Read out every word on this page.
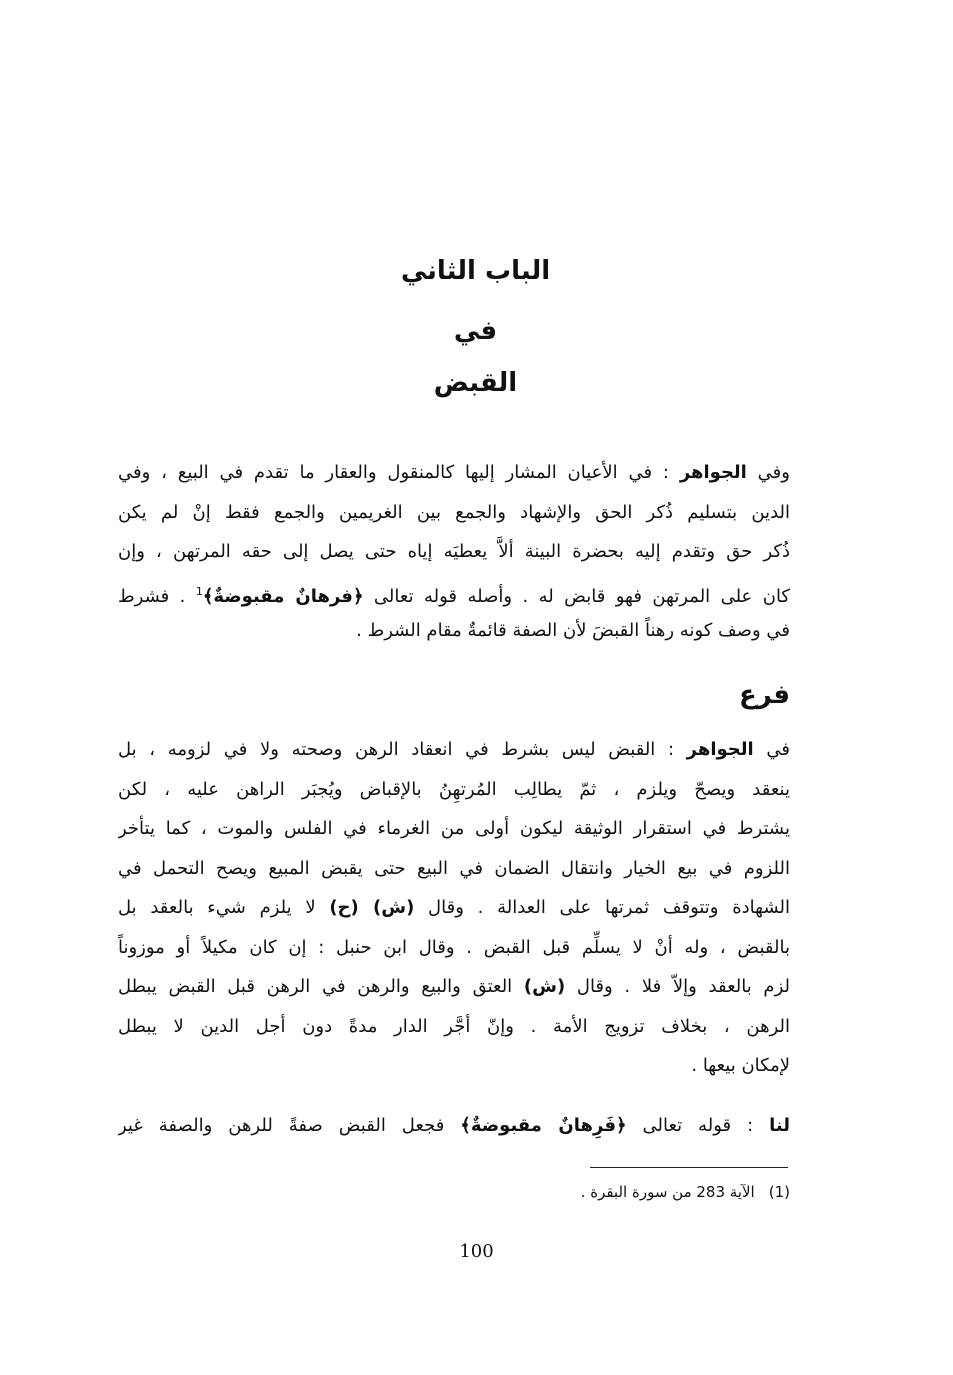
الباب الثاني
في
القبض
وفي الجواهر : في الأعيان المشار إليها كالمنقول والعقار ما تقدم في البيع ، وفي
الدين بتسليم ذُكر الحق والإشهاد والجمع بين الغريمين والجمع فقط إنْ لم يكن
ذُكر حق وتقدم إليه بحضرة البينة ألاَّ يعطيَه إياه حتى يصل إلى حقه المرتهن ، وإن
كان على المرتهن فهو قابض له . وأصله قوله تعالى ﴿فرهانٌ مقبوضةٌ﴾$^1$ . فشرط
في وصف كونه رهناً القبضَ لأن الصفة قائمةٌ مقام الشرط .
فرع
في الجواهر : القبض ليس بشرط في انعقاد الرهن وصحته ولا في لزومه ، بل
ينعقد ويصحّ ويلزم ، ثمّ يطالِب المُرتهِنُ بالإقباض ويُجبَر الراهن عليه ، لكن
يشترط في استقرار الوثيقة ليكون أولى من الغرماء في الفلس والموت ، كما يتأخر
اللزوم في بيع الخيار وانتقال الضمان في البيع حتى يقبض المبيع ويصح التحمل في
الشهادة وتتوقف ثمرتها على العدالة . وقال (ش) (ح) لا يلزم شيء بالعقد بل
بالقبض ، وله أنْ لا يسلِّم قبل القبض . وقال ابن حنبل : إن كان مكيلاً أو موزوناً
لزم بالعقد وإلاّ فلا . وقال (ش) العتق والبيع والرهن في الرهن قبل القبض يبطل
الرهن ، بخلاف تزويج الأمة . وإنّ أجَّر الدار مدةً دون أجل الدين لا يبطل
لإمكان بيعها .
لنا : قوله تعالى ﴿فَرِهانٌ مقبوضةٌ﴾ فجعل القبض صفةً للرهن والصفة غير
(1)الآية 283 من سورة البقرة .
100
